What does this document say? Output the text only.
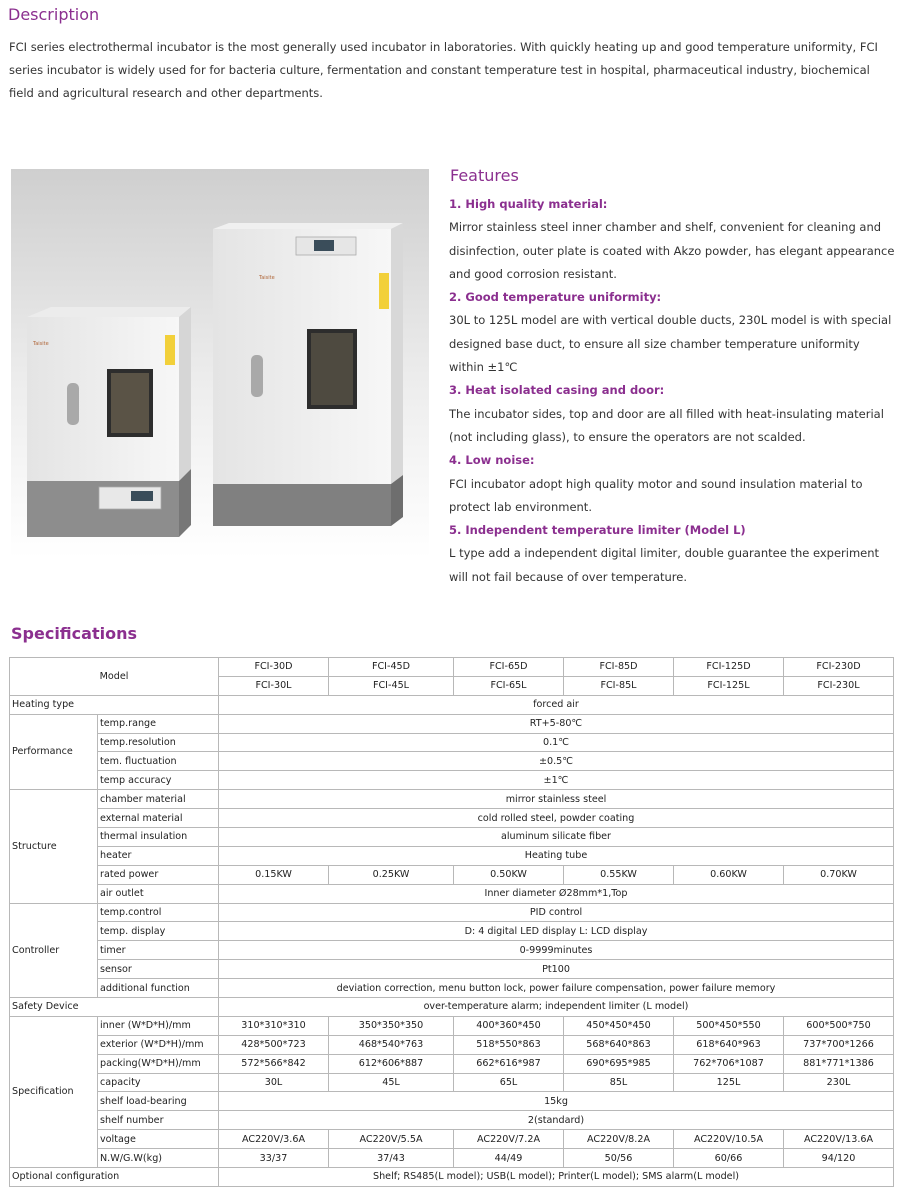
Description
FCI series electrothermal incubator is the most generally used incubator in laboratories. With quickly heating up and good temperature uniformity, FCI series incubator is widely used for for bacteria culture, fermentation and constant temperature test in hospital, pharmaceutical industry, biochemical field and agricultural research and other departments.
Taisite
Taisite
Features
1. High quality material:
Mirror stainless steel inner chamber and shelf, convenient for cleaning and disinfection, outer plate is coated with Akzo powder, has elegant appearance and good corrosion resistant.
2. Good temperature uniformity:
30L to 125L model are with vertical double ducts, 230L model is with special designed base duct, to ensure all size chamber temperature uniformity within ±1℃
3. Heat isolated casing and door:
The incubator sides, top and door are all filled with heat-insulating material (not including glass), to ensure the operators are not scalded.
4. Low noise:
FCI incubator adopt high quality motor and sound insulation material to protect lab environment.
5. Independent temperature limiter (Model L)
L type add a independent digital limiter, double guarantee the experiment will not fail because of over temperature.
Specifications
Model		FCI-30D	FCI-45D	FCI-65D	FCI-85D	FCI-125D	FCI-230D
		FCI-30L	FCI-45L	FCI-65L	FCI-85L	FCI-125L	FCI-230L
Heating type		forced air					
Performance	temp.range	RT+5-80℃					
	temp.resolution	0.1℃					
	tem. fluctuation	±0.5℃					
	temp accuracy	±1℃					
Structure	chamber material	mirror stainless steel					
	external material	cold rolled steel, powder coating					
	thermal insulation	aluminum silicate fiber					
	heater	Heating tube					
	rated power	0.15KW	0.25KW	0.50KW	0.55KW	0.60KW	0.70KW
	air outlet	Inner diameter Ø28mm*1,Top					
Controller	temp.control	PID control					
	temp. display	D: 4 digital LED display L: LCD display					
	timer	0-9999minutes					
	sensor	Pt100					
	additional function	deviation correction, menu button lock, power failure compensation, power failure memory					
Safety Device		over-temperature alarm; independent limiter (L model)					
Specification	inner (W*D*H)/mm	310*310*310	350*350*350	400*360*450	450*450*450	500*450*550	600*500*750
	exterior (W*D*H)/mm	428*500*723	468*540*763	518*550*863	568*640*863	618*640*963	737*700*1266
	packing(W*D*H)/mm	572*566*842	612*606*887	662*616*987	690*695*985	762*706*1087	881*771*1386
	capacity	30L	45L	65L	85L	125L	230L
	shelf load-bearing	15kg					
	shelf number	2(standard)					
	voltage	AC220V/3.6A	AC220V/5.5A	AC220V/7.2A	AC220V/8.2A	AC220V/10.5A	AC220V/13.6A
	N.W/G.W(kg)	33/37	37/43	44/49	50/56	60/66	94/120
Optional configuration		Shelf; RS485(L model); USB(L model); Printer(L model); SMS alarm(L model)					
